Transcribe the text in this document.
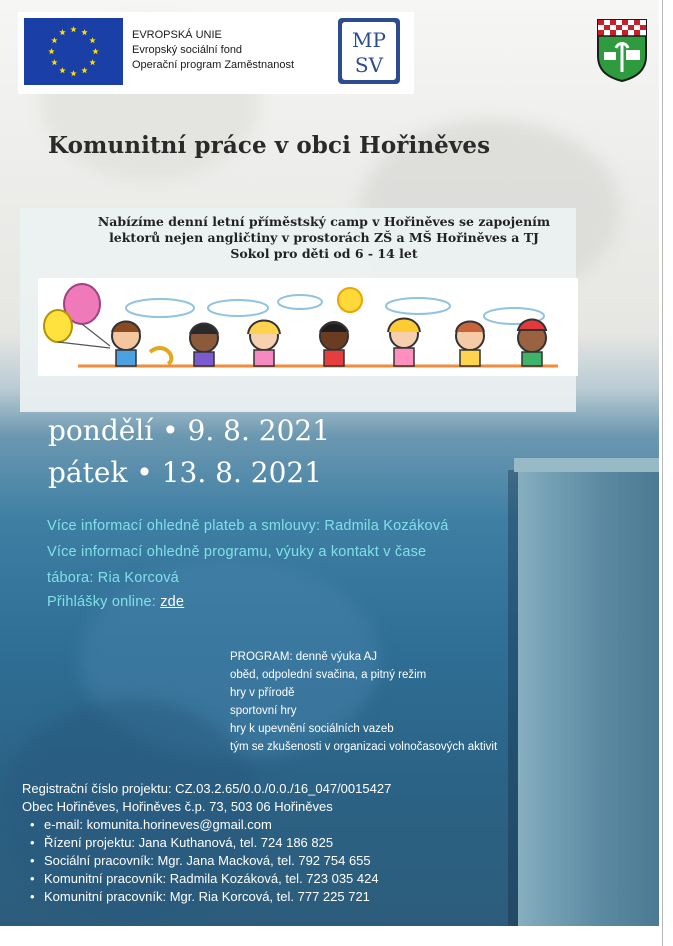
EVROPSKÁ UNIE
Evropský sociální fond
Operační program Zaměstnanost
MP
SV
Komunitní práce v obci Hořiněves
Nabízíme denní letní příměstský camp v Hořiněves se zapojením
lektorů nejen angličtiny v prostorách ZŠ a MŠ Hořiněves a TJ
Sokol pro děti od 6 - 14 let
pondělí • 9. 8. 2021
pátek • 13. 8. 2021
Více informací ohledně plateb a smlouvy: Radmila Kozáková
Více informací ohledně programu, výuky a kontakt v čase
tábora: Ria Korcová
Přihlášky online: zde
PROGRAM: denně výuka AJ
oběd, odpolední svačina, a pitný režim
hry v přírodě
sportovní hry
hry k upevnění sociálních vazeb
tým se zkušenosti v organizaci volnočasových aktivit
Registrační číslo projektu: CZ.03.2.65/0.0./0.0./16_047/0015427
Obec Hořiněves, Hořiněves č.p. 73, 503 06 Hořiněves
• e-mail: komunita.horineves@gmail.com
• Řízení projektu: Jana Kuthanová, tel. 724 186 825
• Sociální pracovník: Mgr. Jana Macková, tel. 792 754 655
• Komunitní pracovník: Radmila Kozáková, tel. 723 035 424
• Komunitní pracovník: Mgr. Ria Korcová, tel. 777 225 721
